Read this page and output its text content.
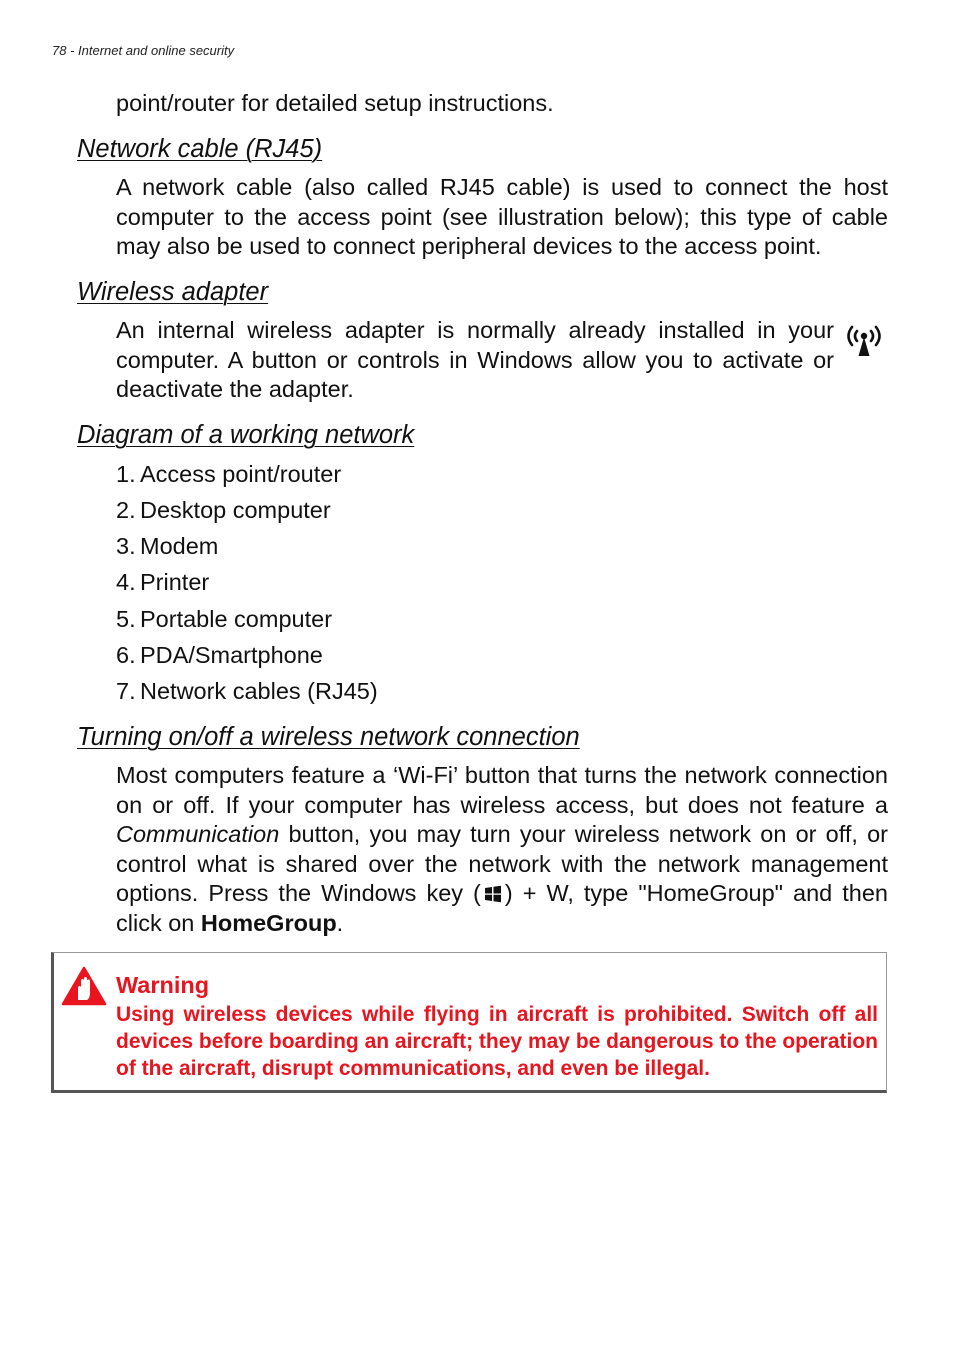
78 - Internet and online security
point/router for detailed setup instructions.
Network cable (RJ45)
A network cable (also called RJ45 cable) is used to connect the host computer to the access point (see illustration below); this type of cable may also be used to connect peripheral devices to the access point.
Wireless adapter
An internal wireless adapter is normally already installed in your computer. A button or controls in Windows allow you to activate or deactivate the adapter.
Diagram of a working network
1. Access point/router
2. Desktop computer
3. Modem
4. Printer
5. Portable computer
6. PDA/Smartphone
7. Network cables (RJ45)
Turning on/off a wireless network connection
Most computers feature a ‘Wi-Fi’ button that turns the network connection on or off. If your computer has wireless access, but does not feature a Communication button, you may turn your wireless network on or off, or control what is shared over the network with the network management options. Press the Windows key ( ) + W, type "HomeGroup" and then click on HomeGroup.
Warning
Using wireless devices while flying in aircraft is prohibited. Switch off all devices before boarding an aircraft; they may be dangerous to the operation of the aircraft, disrupt communications, and even be illegal.
